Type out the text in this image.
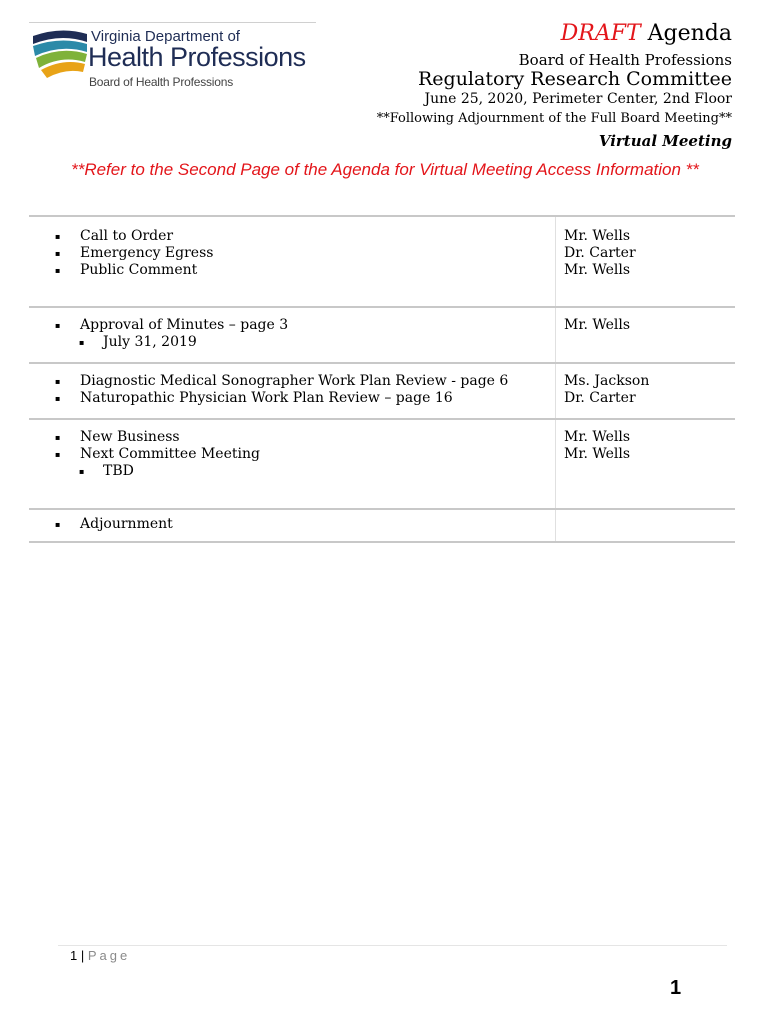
Virginia Department of
Health Professions
Board of Health Professions
DRAFT Agenda
Board of Health Professions
Regulatory Research Committee
June 25, 2020, Perimeter Center, 2nd Floor
**Following Adjournment of the Full Board Meeting**
Virtual Meeting
**Refer to the Second Page of the Agenda for Virtual Meeting Access Information **
▪ Call to Order	Mr. Wells
▪ Emergency Egress	Dr. Carter
▪ Public Comment	Mr. Wells
▪ Approval of Minutes – page 3	Mr. Wells
▪ July 31, 2019
▪ Diagnostic Medical Sonographer Work Plan Review - page 6	Ms. Jackson
▪ Naturopathic Physician Work Plan Review – page 16	Dr. Carter
▪ New Business	Mr. Wells
▪ Next Committee Meeting	Mr. Wells
▪ TBD
▪ Adjournment
1 | Page
1
